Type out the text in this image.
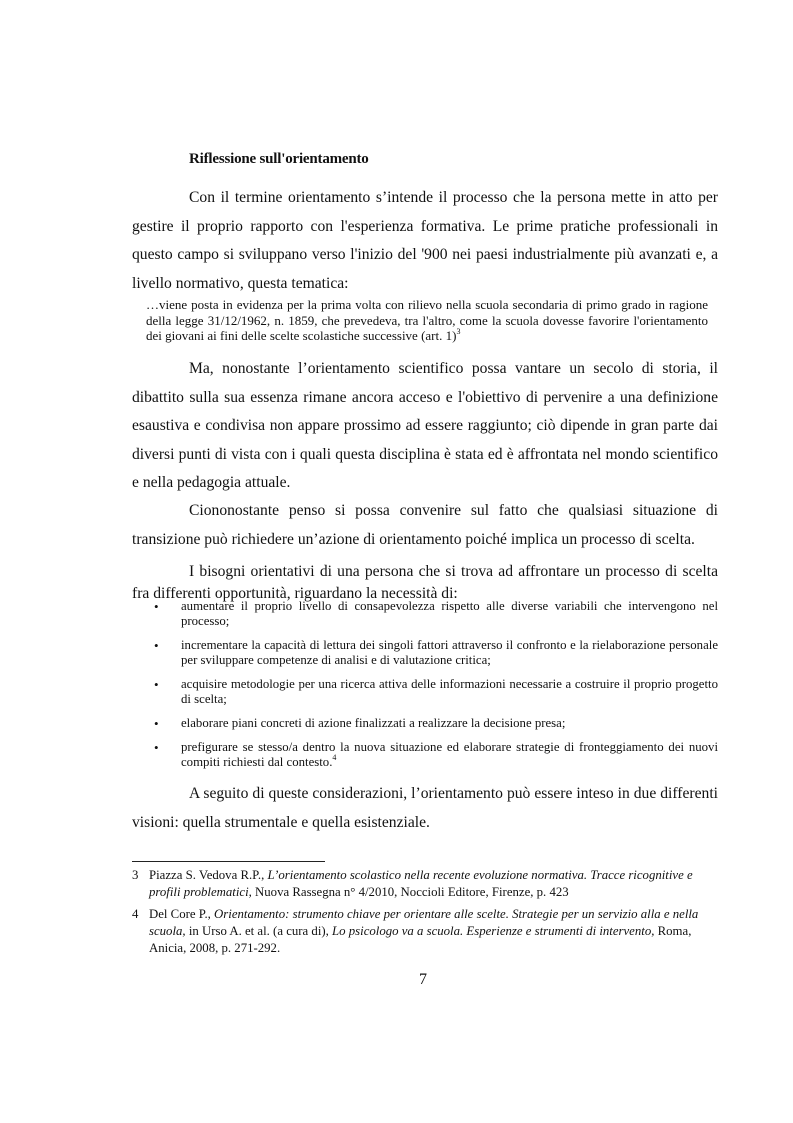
Riflessione sull'orientamento

Con il termine orientamento s’intende il processo che la persona mette in atto per gestire il proprio rapporto con l'esperienza formativa. Le prime pratiche professionali in questo campo si sviluppano verso l'inizio del '900 nei paesi industrialmente più avanzati e, a livello normativo, questa tematica:

…viene posta in evidenza per la prima volta con rilievo nella scuola secondaria di primo grado in ragione della legge 31/12/1962, n. 1859, che prevedeva, tra l'altro, come la scuola dovesse favorire l'orientamento dei giovani ai fini delle scelte scolastiche successive (art. 1)$^3$

Ma, nonostante l’orientamento scientifico possa vantare un secolo di storia, il dibattito sulla sua essenza rimane ancora acceso e l'obiettivo di pervenire a una definizione esaustiva e condivisa non appare prossimo ad essere raggiunto; ciò dipende in gran parte dai diversi punti di vista con i quali questa disciplina è stata ed è affrontata nel mondo scientifico e nella pedagogia attuale.

Ciononostante penso si possa convenire sul fatto che qualsiasi situazione di transizione può richiedere un’azione di orientamento poiché implica un processo di scelta.

I bisogni orientativi di una persona che si trova ad affrontare un processo di scelta fra differenti opportunità, riguardano la necessità di:

• aumentare il proprio livello di consapevolezza rispetto alle diverse variabili che intervengono nel processo;
• incrementare la capacità di lettura dei singoli fattori attraverso il confronto e la rielaborazione personale per sviluppare competenze di analisi e di valutazione critica;
• acquisire metodologie per una ricerca attiva delle informazioni necessarie a costruire il proprio progetto di scelta;
• elaborare piani concreti di azione finalizzati a realizzare la decisione presa;
• prefigurare se stesso/a dentro la nuova situazione ed elaborare strategie di fronteggiamento dei nuovi compiti richiesti dal contesto.$^4$

A seguito di queste considerazioni, l’orientamento può essere inteso in due differenti visioni: quella strumentale e quella esistenziale.

3 Piazza S. Vedova R.P., L’orientamento scolastico nella recente evoluzione normativa. Tracce ricognitive e profili problematici, Nuova Rassegna n° 4/2010, Noccioli Editore, Firenze, p. 423
4 Del Core P., Orientamento: strumento chiave per orientare alle scelte. Strategie per un servizio alla e nella scuola, in Urso A. et al. (a cura di), Lo psicologo va a scuola. Esperienze e strumenti di intervento, Roma, Anicia, 2008, p. 271-292.
7
